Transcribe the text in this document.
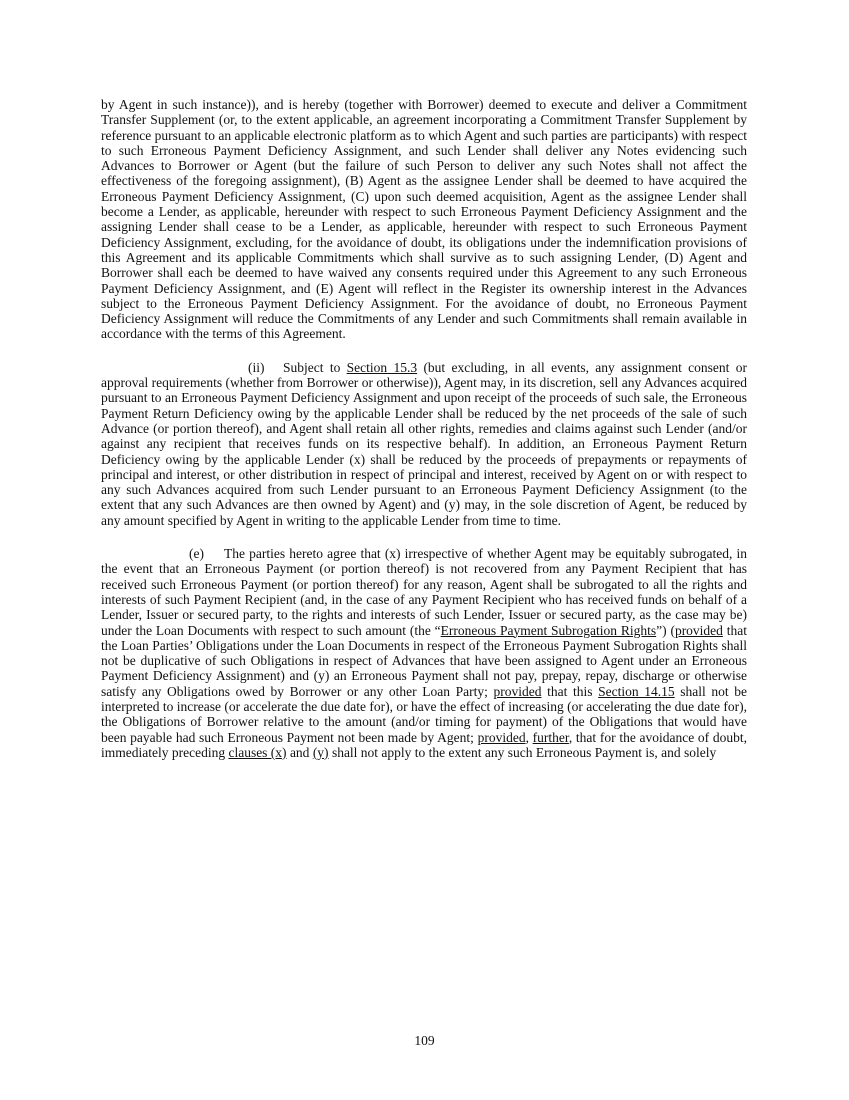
by Agent in such instance)), and is hereby (together with Borrower) deemed to execute and deliver a Commitment Transfer Supplement (or, to the extent applicable, an agreement incorporating a Commitment Transfer Supplement by reference pursuant to an applicable electronic platform as to which Agent and such parties are participants) with respect to such Erroneous Payment Deficiency Assignment, and such Lender shall deliver any Notes evidencing such Advances to Borrower or Agent (but the failure of such Person to deliver any such Notes shall not affect the effectiveness of the foregoing assignment), (B) Agent as the assignee Lender shall be deemed to have acquired the Erroneous Payment Deficiency Assignment, (C) upon such deemed acquisition, Agent as the assignee Lender shall become a Lender, as applicable, hereunder with respect to such Erroneous Payment Deficiency Assignment and the assigning Lender shall cease to be a Lender, as applicable, hereunder with respect to such Erroneous Payment Deficiency Assignment, excluding, for the avoidance of doubt, its obligations under the indemnification provisions of this Agreement and its applicable Commitments which shall survive as to such assigning Lender, (D) Agent and Borrower shall each be deemed to have waived any consents required under this Agreement to any such Erroneous Payment Deficiency Assignment, and (E) Agent will reflect in the Register its ownership interest in the Advances subject to the Erroneous Payment Deficiency Assignment. For the avoidance of doubt, no Erroneous Payment Deficiency Assignment will reduce the Commitments of any Lender and such Commitments shall remain available in accordance with the terms of this Agreement.

(ii) Subject to Section 15.3 (but excluding, in all events, any assignment consent or approval requirements (whether from Borrower or otherwise)), Agent may, in its discretion, sell any Advances acquired pursuant to an Erroneous Payment Deficiency Assignment and upon receipt of the proceeds of such sale, the Erroneous Payment Return Deficiency owing by the applicable Lender shall be reduced by the net proceeds of the sale of such Advance (or portion thereof), and Agent shall retain all other rights, remedies and claims against such Lender (and/or against any recipient that receives funds on its respective behalf). In addition, an Erroneous Payment Return Deficiency owing by the applicable Lender (x) shall be reduced by the proceeds of prepayments or repayments of principal and interest, or other distribution in respect of principal and interest, received by Agent on or with respect to any such Advances acquired from such Lender pursuant to an Erroneous Payment Deficiency Assignment (to the extent that any such Advances are then owned by Agent) and (y) may, in the sole discretion of Agent, be reduced by any amount specified by Agent in writing to the applicable Lender from time to time.

(e) The parties hereto agree that (x) irrespective of whether Agent may be equitably subrogated, in the event that an Erroneous Payment (or portion thereof) is not recovered from any Payment Recipient that has received such Erroneous Payment (or portion thereof) for any reason, Agent shall be subrogated to all the rights and interests of such Payment Recipient (and, in the case of any Payment Recipient who has received funds on behalf of a Lender, Issuer or secured party, to the rights and interests of such Lender, Issuer or secured party, as the case may be) under the Loan Documents with respect to such amount (the “Erroneous Payment Subrogation Rights”) (provided that the Loan Parties’ Obligations under the Loan Documents in respect of the Erroneous Payment Subrogation Rights shall not be duplicative of such Obligations in respect of Advances that have been assigned to Agent under an Erroneous Payment Deficiency Assignment) and (y) an Erroneous Payment shall not pay, prepay, repay, discharge or otherwise satisfy any Obligations owed by Borrower or any other Loan Party; provided that this Section 14.15 shall not be interpreted to increase (or accelerate the due date for), or have the effect of increasing (or accelerating the due date for), the Obligations of Borrower relative to the amount (and/or timing for payment) of the Obligations that would have been payable had such Erroneous Payment not been made by Agent; provided, further, that for the avoidance of doubt, immediately preceding clauses (x) and (y) shall not apply to the extent any such Erroneous Payment is, and solely

109
